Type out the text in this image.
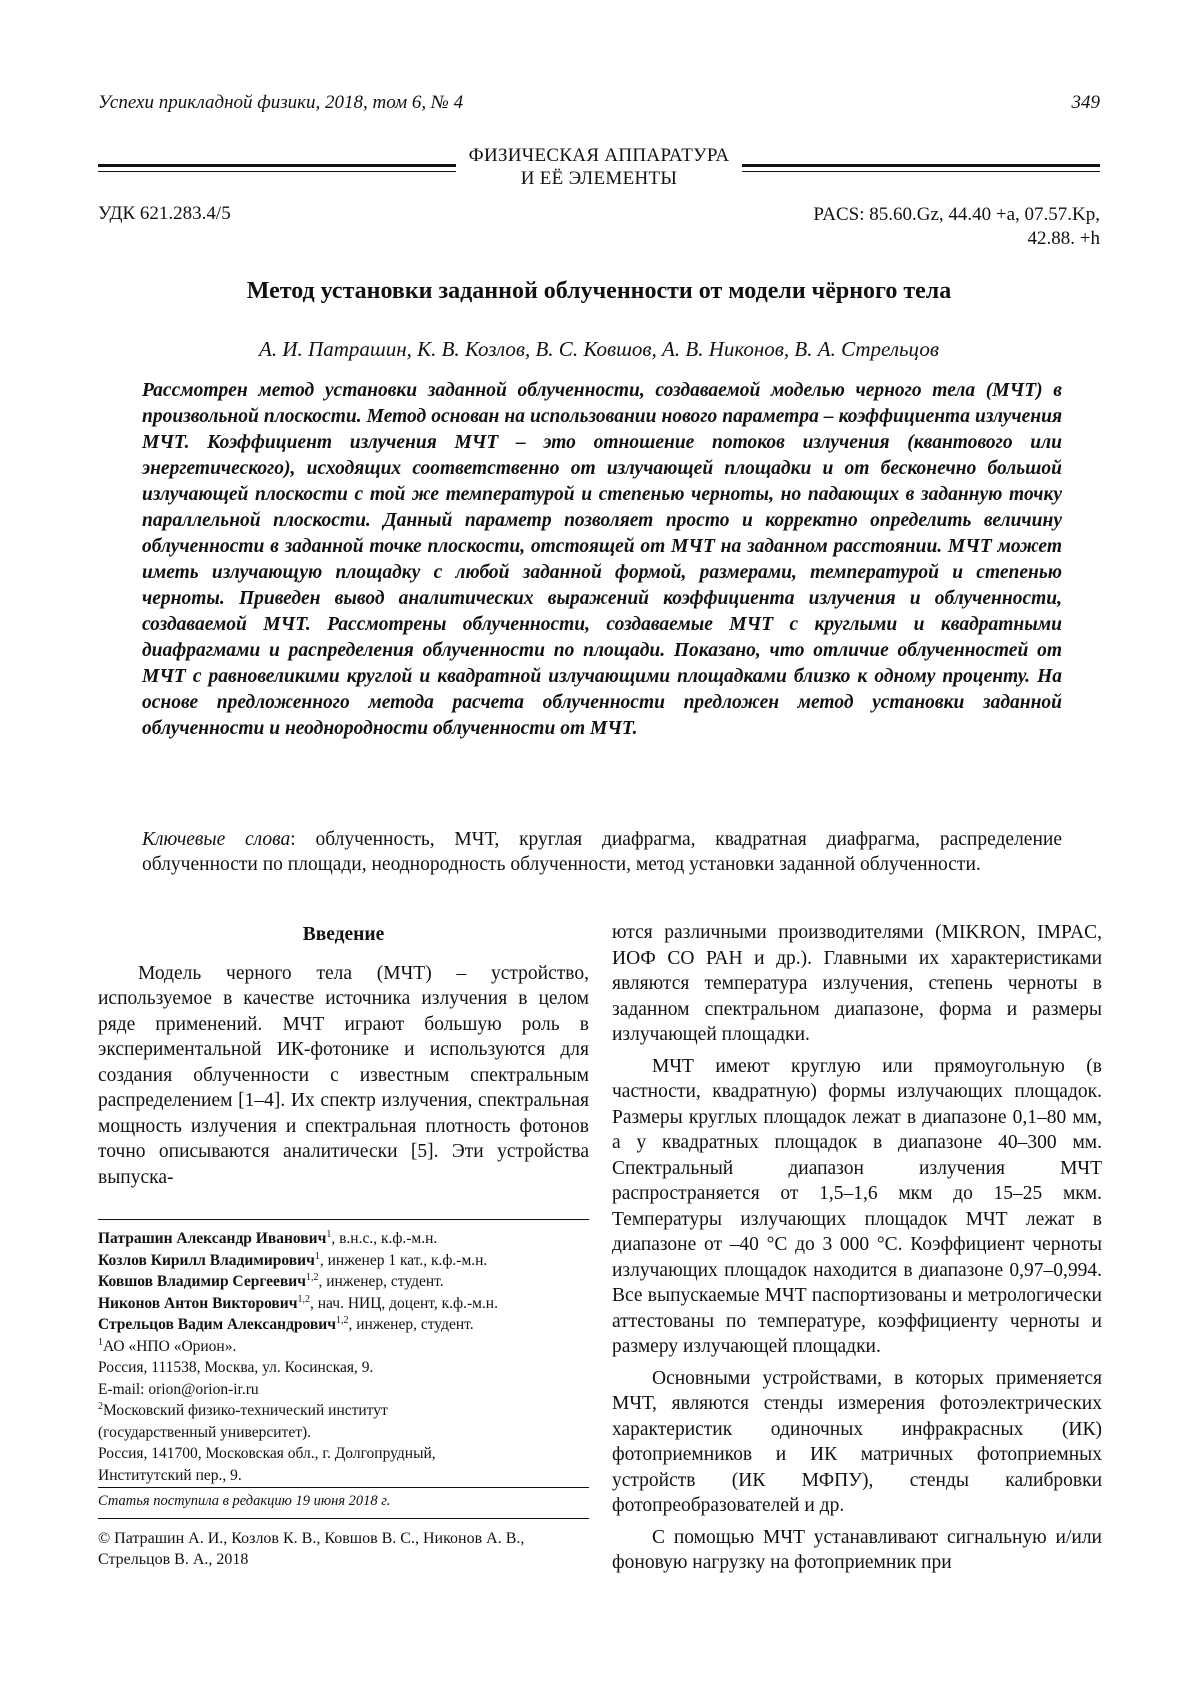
Успехи прикладной физики, 2018, том 6, № 4	349
ФИЗИЧЕСКАЯ АППАРАТУРА
И ЕЁ ЭЛЕМЕНТЫ
УДК 621.283.4/5	PACS: 85.60.Gz, 44.40 +a, 07.57.Kp,
42.88. +h
Метод установки заданной облученности от модели чёрного тела
А. И. Патрашин, К. В. Козлов, В. С. Ковшов, А. В. Никонов, В. А. Стрельцов
Рассмотрен метод установки заданной облученности, создаваемой моделью черного тела (МЧТ) в произвольной плоскости. Метод основан на использовании нового параметра – коэффициента излучения МЧТ. Коэффициент излучения МЧТ – это отношение потоков излучения (квантового или энергетического), исходящих соответственно от излучающей площадки и от бесконечно большой излучающей плоскости с той же температурой и степенью черноты, но падающих в заданную точку параллельной плоскости. Данный параметр позволяет просто и корректно определить величину облученности в заданной точке плоскости, отстоящей от МЧТ на заданном расстоянии. МЧТ может иметь излучающую площадку с любой заданной формой, размерами, температурой и степенью черноты. Приведен вывод аналитических выражений коэффициента излучения и облученности, создаваемой МЧТ. Рассмотрены облученности, создаваемые МЧТ с круглыми и квадратными диафрагмами и распределения облученности по площади. Показано, что отличие облученностей от МЧТ с равновеликими круглой и квадратной излучающими площадками близко к одному проценту. На основе предложенного метода расчета облученности предложен метод установки заданной облученности и неоднородности облученности от МЧТ.
Ключевые слова: облученность, МЧТ, круглая диафрагма, квадратная диафрагма, распределение облученности по площади, неоднородность облученности, метод установки заданной облученности.
Введение

Модель черного тела (МЧТ) – устройство, используемое в качестве источника излучения в целом ряде применений. МЧТ играют большую роль в экспериментальной ИК-фотонике и используются для создания облученности с известным спектральным распределением [1–4]. Их спектр излучения, спектральная мощность излучения и спектральная плотность фотонов точно описываются аналитически [5]. Эти устройства выпуска-

Патрашин Александр Иванович1, в.н.с., к.ф.-м.н.
Козлов Кирилл Владимирович1, инженер 1 кат., к.ф.-м.н.
Ковшов Владимир Сергеевич1,2, инженер, студент.
Никонов Антон Викторович1,2, нач. НИЦ, доцент, к.ф.-м.н.
Стрельцов Вадим Александрович1,2, инженер, студент.
1АО «НПО «Орион».
Россия, 111538, Москва, ул. Косинская, 9.
E-mail: orion@orion-ir.ru
2Московский физико-технический институт
(государственный университет).
Россия, 141700, Московская обл., г. Долгопрудный,
Институтский пер., 9.
Статья поступила в редакцию 19 июня 2018 г.
© Патрашин А. И., Козлов К. В., Ковшов В. С., Никонов А. В.,
Стрельцов В. А., 2018

ются различными производителями (MIKRON, IMPAC, ИОФ СО РАН и др.). Главными их характеристиками являются температура излучения, степень черноты в заданном спектральном диапазоне, форма и размеры излучающей площадки.

МЧТ имеют круглую или прямоугольную (в частности, квадратную) формы излучающих площадок. Размеры круглых площадок лежат в диапазоне 0,1–80 мм, а у квадратных площадок в диапазоне 40–300 мм. Спектральный диапазон излучения МЧТ распространяется от 1,5–1,6 мкм до 15–25 мкм. Температуры излучающих площадок МЧТ лежат в диапазоне от –40 °C до 3 000 °C. Коэффициент черноты излучающих площадок находится в диапазоне 0,97–0,994. Все выпускаемые МЧТ паспортизованы и метрологически аттестованы по температуре, коэффициенту черноты и размеру излучающей площадки.

Основными устройствами, в которых применяется МЧТ, являются стенды измерения фотоэлектрических характеристик одиночных инфракрасных (ИК) фотоприемников и ИК матричных фотоприемных устройств (ИК МФПУ), стенды калибровки фотопреобразователей и др.

С помощью МЧТ устанавливают сигнальную и/или фоновую нагрузку на фотоприемник при
